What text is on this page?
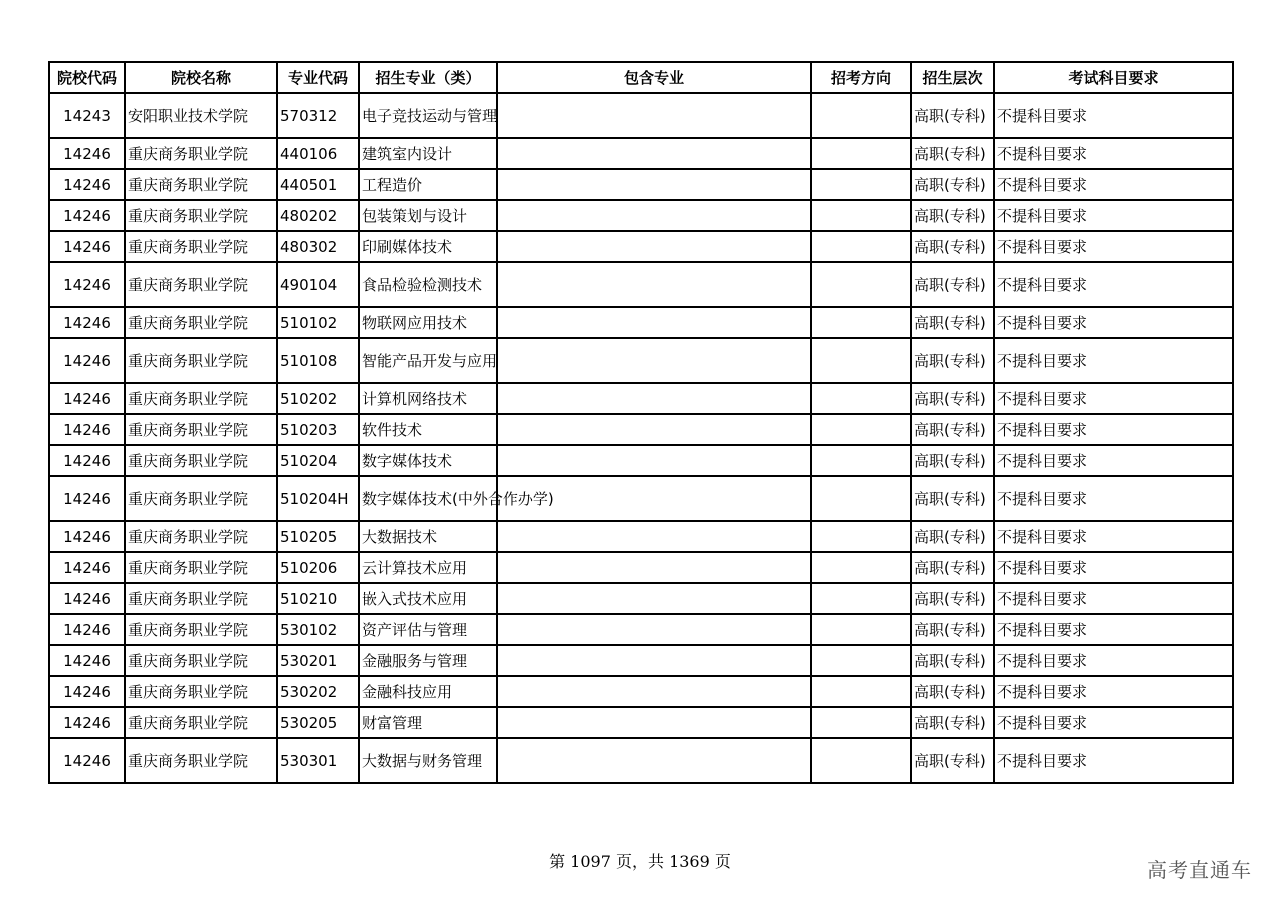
院校代码	院校名称	专业代码	招生专业（类）	包含专业	招考方向	招生层次	考试科目要求
14243	安阳职业技术学院	570312	电子竞技运动与管理			高职(专科)	不提科目要求
14246	重庆商务职业学院	440106	建筑室内设计			高职(专科)	不提科目要求
14246	重庆商务职业学院	440501	工程造价			高职(专科)	不提科目要求
14246	重庆商务职业学院	480202	包装策划与设计			高职(专科)	不提科目要求
14246	重庆商务职业学院	480302	印刷媒体技术			高职(专科)	不提科目要求
14246	重庆商务职业学院	490104	食品检验检测技术			高职(专科)	不提科目要求
14246	重庆商务职业学院	510102	物联网应用技术			高职(专科)	不提科目要求
14246	重庆商务职业学院	510108	智能产品开发与应用			高职(专科)	不提科目要求
14246	重庆商务职业学院	510202	计算机网络技术			高职(专科)	不提科目要求
14246	重庆商务职业学院	510203	软件技术			高职(专科)	不提科目要求
14246	重庆商务职业学院	510204	数字媒体技术			高职(专科)	不提科目要求
14246	重庆商务职业学院	510204H	数字媒体技术(中外合作办学)			高职(专科)	不提科目要求
14246	重庆商务职业学院	510205	大数据技术			高职(专科)	不提科目要求
14246	重庆商务职业学院	510206	云计算技术应用			高职(专科)	不提科目要求
14246	重庆商务职业学院	510210	嵌入式技术应用			高职(专科)	不提科目要求
14246	重庆商务职业学院	530102	资产评估与管理			高职(专科)	不提科目要求
14246	重庆商务职业学院	530201	金融服务与管理			高职(专科)	不提科目要求
14246	重庆商务职业学院	530202	金融科技应用			高职(专科)	不提科目要求
14246	重庆商务职业学院	530205	财富管理			高职(专科)	不提科目要求
14246	重庆商务职业学院	530301	大数据与财务管理			高职(专科)	不提科目要求
第 1097 页，共 1369 页	高考直通车
